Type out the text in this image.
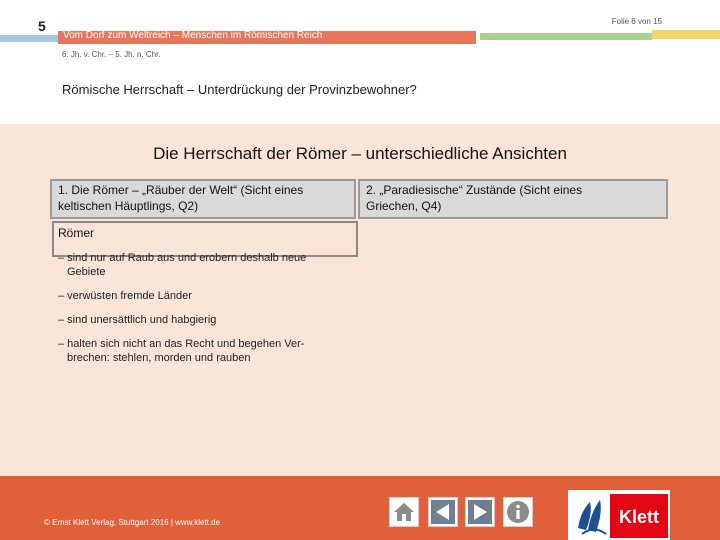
5	Folie 6 von 15
Vom Dorf zum Weltreich – Menschen im Römischen Reich
6. Jh. v. Chr. – 5. Jh. n. Chr.
Römische Herrschaft – Unterdrückung der Provinzbewohner?
Die Herrschaft der Römer – unterschiedliche Ansichten
1. Die Römer – „Räuber der Welt“ (Sicht eines
keltischen Häuptlings, Q2)
2. „Paradiesische“ Zustände (Sicht eines
Griechen, Q4)
Römer
– sind nur auf Raub aus und erobern deshalb neue
Gebiete
– verwüsten fremde Länder
– sind unersättlich und habgierig
– halten sich nicht an das Recht und begehen Ver-
brechen: stehlen, morden und rauben
© Ernst Klett Verlag, Stuttgart 2016 | www.klett.de	Klett
